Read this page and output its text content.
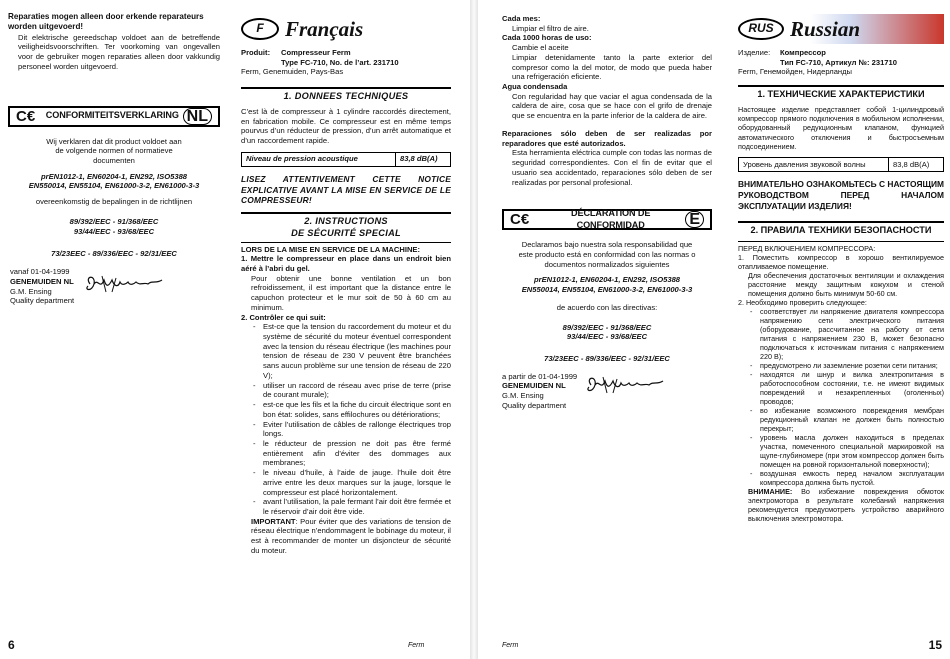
Reparaties mogen alleen door erkende reparateurs worden uitgevoerd!

Dit elektrische gereedschap voldoet aan de betreffende veiligheidsvoorschriften. Ter voorkoming van ongevallen voor de gebruiker mogen reparaties alleen door vakkundig personeel worden uitgevoerd.

C€	CONFORMITEITSVERKLARING NL

Wij verklaren dat dit product voldoet aan de volgende normen of normatieve documenten

prEN1012-1, EN60204-1, EN292, ISO5388

EN550014, EN55104, EN61000-3-2, EN61000-3-3

overeenkomstig de bepalingen in de richtlijnen

89/392/EEC - 91/368/EEC

93/44/EEC - 93/68/EEC

73/23EEC - 89/336/EEC - 92/31/EEC

vanaf 01-04-1999

GENEMUIDEN NL

G.M. Ensing

Quality department

F	Français
Produit:	Compresseur Ferm

Type FC-710, No. de l’art. 231710

Ferm, Genemuiden, Pays-Bas

1. DONNEES TECHNIQUES

C’est là de compresseur à 1 cylindre raccordés directement, en fabrication mobile. Ce compresseur est en même temps pourvus d’un réducteur de pression, d’un arrêt automatique et d’un raccordement rapide.

Niveau de pression acoustique	83,8 dB(A)

LISEZ ATTENTIVEMENT CETTE NOTICE EXPLICATIVE AVANT LA MISE EN SERVICE DE LE COMPRESSEUR!

2. INSTRUCTIONS

DE SÉCURITÉ SPECIAL

LORS DE LA MISE EN SERVICE DE LA MACHINE:

1. Mettre le compresseur en place dans un endroit bien aéré à l’abri du gel.

Pour obtenir une bonne ventilation et un bon refroidissement, il est important que la distance entre le capuchon protecteur et le mur soit de 50 à 60 cm au minimum.

2. Contrôler ce qui suit:

- Est-ce que la tension du raccordement du moteur et du système de sécurité du moteur éventuel correspondent avec la tension du réseau électrique (les machines pour tension de réseau de 230 V peuvent être branchées sans aucun problème sur une tension de réseau de 220 V);

- utiliser un raccord de réseau avec prise de terre (prise de courant murale);

- est-ce que les fils et la fiche du circuit électrique sont en bon état: solides, sans effilochures ou détériorations;

- Eviter l’utilisation de câbles de rallonge électriques trop longs.

- le réducteur de pression ne doit pas être fermé entièrement afin d’éviter des dommages aux membranes;

- le niveau d’huile, à l’aide de jauge. l’huile doit être arrive entre les deux marques sur la jauge, lorsque le compresseur est placé horizontalement.

- avant l’utilisation, la pale fermant l’air doit être fermée et le réservoir d’air doit être vide.

IMPORTANT: Pour éviter que des variations de tension de réseau électrique n’endommagent le bobinage du moteur, il est à recommander de monter un disjoncteur de sécurité du moteur.

6	Ferm

Cada mes:

Limpiar el filtro de aire.

Cada 1000 horas de uso:

Cambie el aceite

Limpiar detenidamente tanto la parte exterior del compresor como la del motor, de modo que pueda haber una refrigeración eficiente.

Agua condensada

Con regularidad hay que vaciar el agua condensada de la caldera de aire, cosa que se hace con el grifo de drenaje que se encuentra en la parte inferior de la caldera de aire.

Reparaciones sólo deben de ser realizadas por reparadores que esté autorizados.

Esta herramienta eléctrica cumple con todas las normas de seguridad correspondientes. Con el fin de evitar que el usuario sea accidentado, reparaciones sólo deben de ser realizadas por personal profesional.

C€	DÉCLARATION DE CONFORMIDAD	E

Declaramos bajo nuestra sola responsabilidad que este producto está en conformidad con las normas o documentos normalizados siguientes

prEN1012-1, EN60204-1, EN292, ISO5388

EN550014, EN55104, EN61000-3-2, EN61000-3-3

de acuerdo con las directivas:

89/392/EEC - 91/368/EEC

93/44/EEC - 93/68/EEC

73/23EEC - 89/336/EEC - 92/31/EEC

a partir de 01-04-1999

GENEMUIDEN NL

G.M. Ensing

Quality department

RUS Russian
Изделие:	Компрессор

Тип FC-710, Артикул №: 231710

Ferm, Генемойден, Нидерланды

1. ТЕХНИЧЕСКИЕ ХАРАКТЕРИСТИКИ

Настоящее изделие представляет собой 1-цилиндровый компрессор прямого подключения в мобильном исполнении, оборудованный редукционным клапаном, функцией автоматического отключения и быстросъемным подсоединением.

Уровень давления звуковой волны	83,8 dB(A)

ВНИМАТЕЛЬНО ОЗНАКОМЬТЕСЬ С НАСТОЯЩИМ РУКОВОДСТВОМ ПЕРЕД НАЧАЛОМ ЭКСПЛУАТАЦИИ ИЗДЕЛИЯ!

2. ПРАВИЛА ТЕХНИКИ БЕЗОПАСНОСТИ

ПЕРЕД ВКЛЮЧЕНИЕМ КОМПРЕССОРА:

1. Поместить компрессор в хорошо вентилируемое отапливаемое помещение.

Для обеспечения достаточных вентиляции и охлаждения расстояние между защитным кожухом и стеной помещения должно быть минимум 50-60 см.

2. Необходимо проверить следующее:

- соответствует ли напряжение двигателя компрессора напряжению сети электрического питания (оборудование, рассчитанное на работу от сети питания с напряжением 230 В, может безопасно подключаться к источникам питания с напряжением 220 В);

- предусмотрено ли заземление розетки сети питания;

- находятся ли шнур и вилка электропитания в работоспособном состоянии, т.е. не имеют видимых повреждений и незакрепленных (оголенных) проводов;

- во избежание возможного повреждения мембран редукционный клапан не должен быть полностью перекрыт;

- уровень масла должен находиться в пределах участка, помеченного специальной маркировкой на щупе-глубиномере (при этом компрессор должен быть помещен на ровной горизонтальной поверхности);

- воздушная емкость перед началом эксплуатации компрессора должна быть пустой.

ВНИМАНИЕ: Во избежание повреждения обмоток электромотора в результате колебаний напряжения рекомендуется предусмотреть устройство аварийного выключения электромотора.

Ferm	15
